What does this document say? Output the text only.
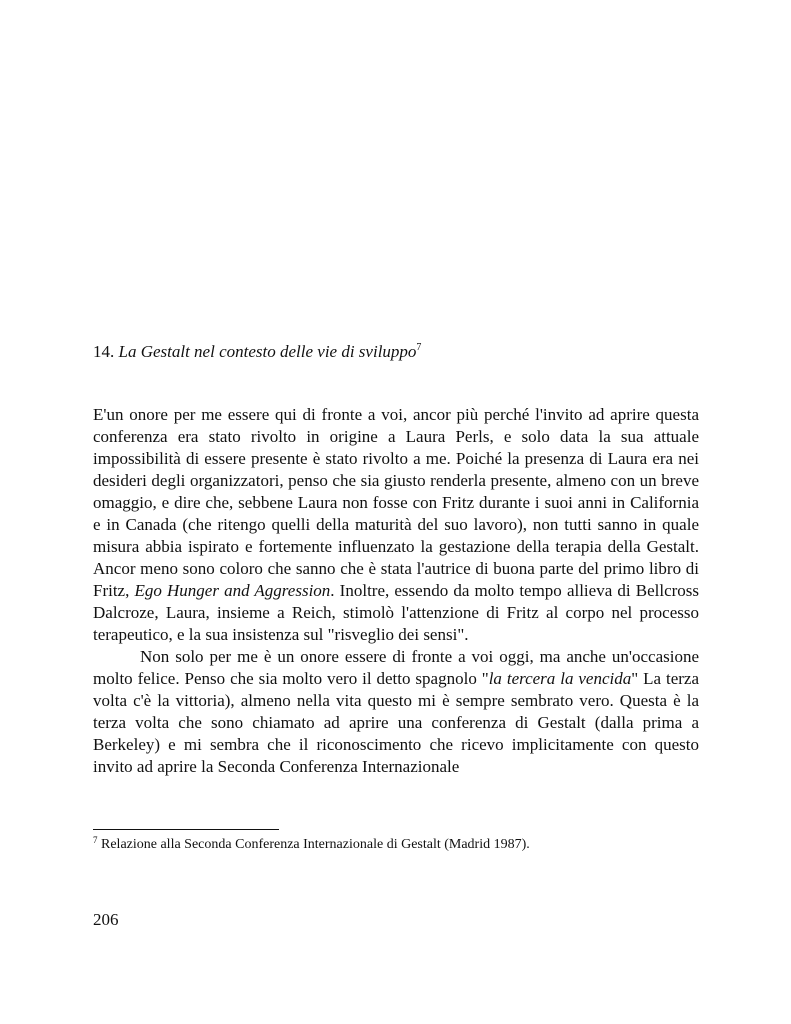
14. La Gestalt nel contesto delle vie di sviluppo$^7$

E'un onore per me essere qui di fronte a voi, ancor più perché l'invito ad aprire questa conferenza era stato rivolto in origine a Laura Perls, e solo data la sua attuale impossibilità di essere presente è stato rivolto a me. Poiché la presenza di Laura era nei desideri degli organizzatori, penso che sia giusto renderla presente, almeno con un breve omaggio, e dire che, sebbene Laura non fosse con Fritz durante i suoi anni in California e in Canada (che ritengo quelli della maturità del suo lavoro), non tutti sanno in quale misura abbia ispirato e fortemente influenzato la gestazione della terapia della Gestalt. Ancor meno sono coloro che sanno che è stata l'autrice di buona parte del primo libro di Fritz, Ego Hunger and Aggression. Inoltre, essendo da molto tempo allieva di Bellcross Dalcroze, Laura, insieme a Reich, stimolò l'attenzione di Fritz al corpo nel processo terapeutico, e la sua insistenza sul "risveglio dei sensi".

Non solo per me è un onore essere di fronte a voi oggi, ma anche un'occasione molto felice. Penso che sia molto vero il detto spagnolo "la tercera la vencida" La terza volta c'è la vittoria), almeno nella vita questo mi è sempre sembrato vero. Questa è la terza volta che sono chiamato ad aprire una conferenza di Gestalt (dalla prima a Berkeley) e mi sembra che il riconoscimento che ricevo implicitamente con questo invito ad aprire la Seconda Conferenza Internazionale

$^7$ Relazione alla Seconda Conferenza Internazionale di Gestalt (Madrid 1987).
206
